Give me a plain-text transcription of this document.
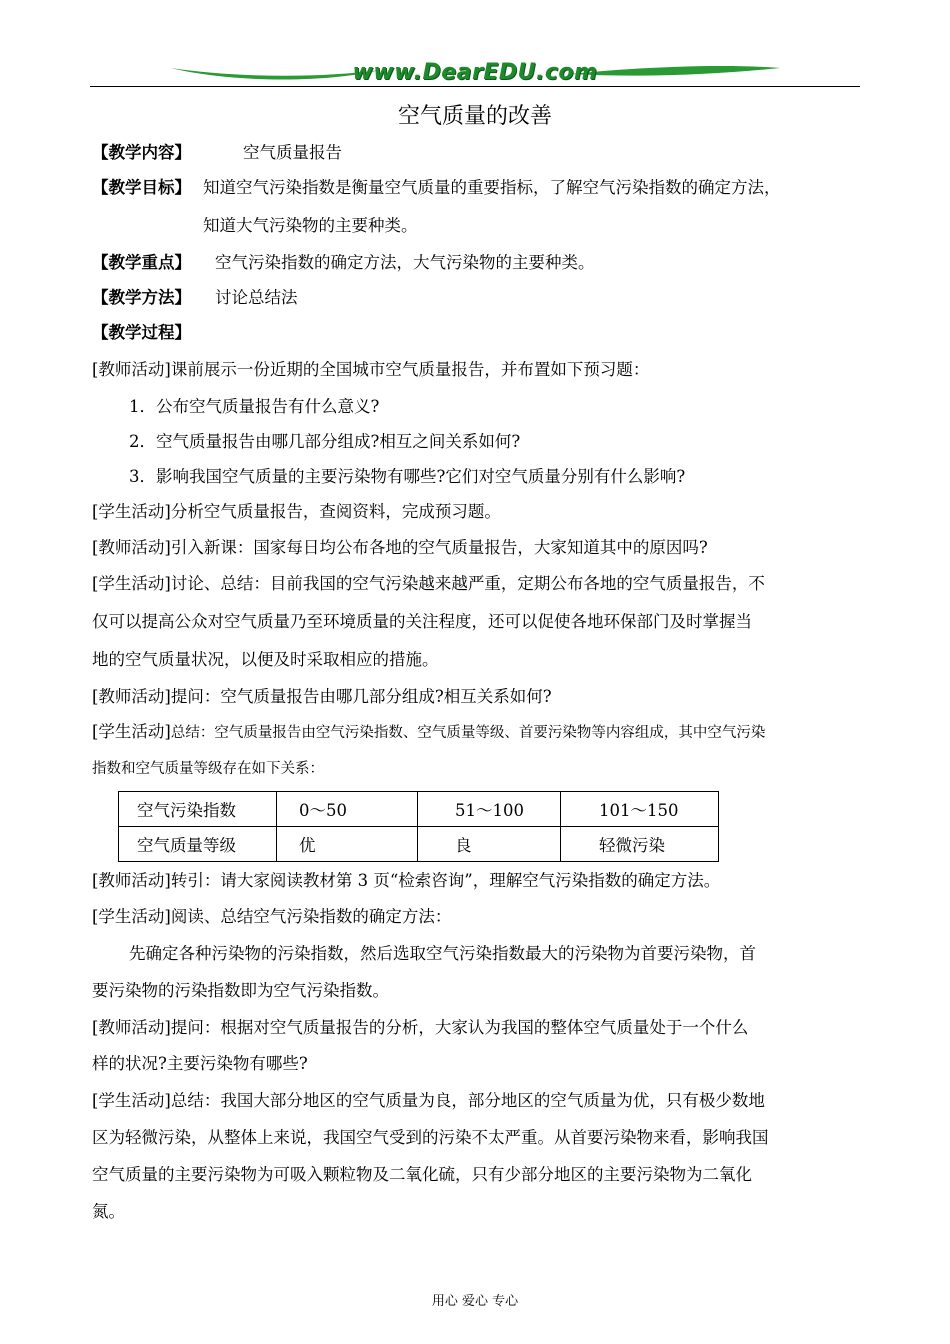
www.DearEDU.com
空气质量的改善
【教学内容】	空气质量报告
【教学目标】 知道空气污染指数是衡量空气质量的重要指标，了解空气污染指数的确定方法，
知道大气污染物的主要种类。
【教学重点】 空气污染指数的确定方法，大气污染物的主要种类。
【教学方法】 讨论总结法
【教学过程】
[教师活动]课前展示一份近期的全国城市空气质量报告，并布置如下预习题：
1．公布空气质量报告有什么意义?
2．空气质量报告由哪几部分组成?相互之间关系如何?
3．影响我国空气质量的主要污染物有哪些?它们对空气质量分别有什么影响?
[学生活动]分析空气质量报告，查阅资料，完成预习题。
[教师活动]引入新课：国家每日均公布各地的空气质量报告，大家知道其中的原因吗?
[学生活动]讨论、总结：目前我国的空气污染越来越严重，定期公布各地的空气质量报告，不
仅可以提高公众对空气质量乃至环境质量的关注程度，还可以促使各地环保部门及时掌握当
地的空气质量状况，以便及时采取相应的措施。
[教师活动]提问：空气质量报告由哪几部分组成?相互关系如何?
[学生活动]总结：空气质量报告由空气污染指数、空气质量等级、首要污染物等内容组成，其中空气污染
指数和空气质量等级存在如下关系：
空气污染指数	0～50	51～100	101～150
空气质量等级	优	良	轻微污染
[教师活动]转引：请大家阅读教材第 3 页“检索咨询”，理解空气污染指数的确定方法。
[学生活动]阅读、总结空气污染指数的确定方法：
先确定各种污染物的污染指数，然后选取空气污染指数最大的污染物为首要污染物，首
要污染物的污染指数即为空气污染指数。
[教师活动]提问：根据对空气质量报告的分析，大家认为我国的整体空气质量处于一个什么
样的状况?主要污染物有哪些?
[学生活动]总结：我国大部分地区的空气质量为良，部分地区的空气质量为优，只有极少数地
区为轻微污染，从整体上来说，我国空气受到的污染不太严重。从首要污染物来看，影响我国
空气质量的主要污染物为可吸入颗粒物及二氧化硫，只有少部分地区的主要污染物为二氧化
氮。
用心 爱心 专心
